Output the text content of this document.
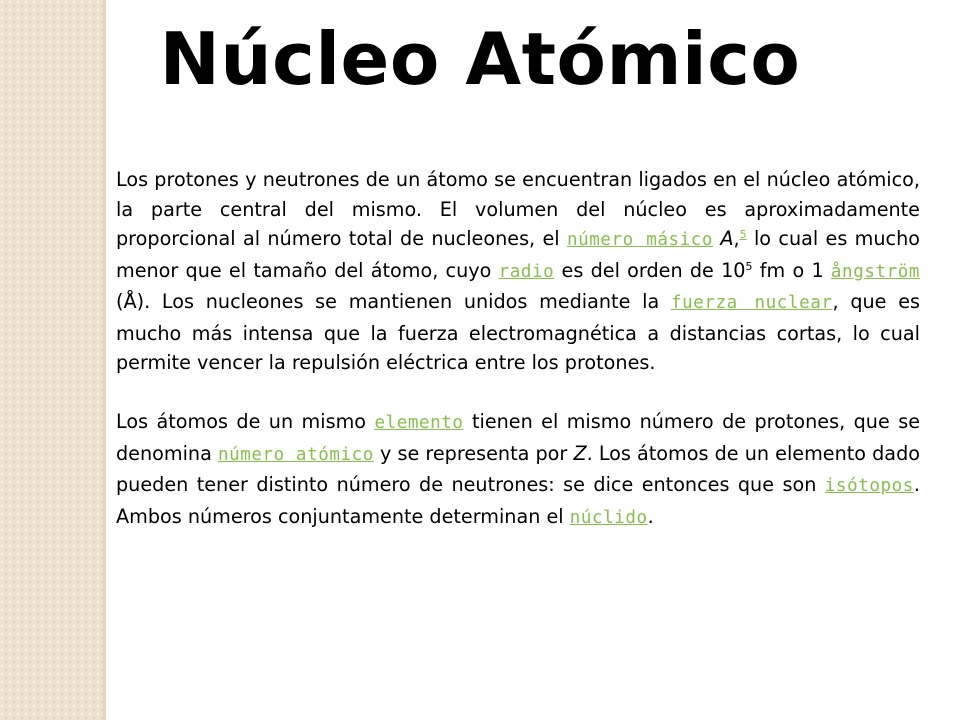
Núcleo Atómico

Los protones y neutrones de un átomo se encuentran ligados en el núcleo atómico, la parte central del mismo. El volumen del núcleo es aproximadamente proporcional al número total de nucleones, el número másico A,$^5$ lo cual es mucho menor que el tamaño del átomo, cuyo radio es del orden de $10^5$ fm o 1 ångström (Å). Los nucleones se mantienen unidos mediante la fuerza nuclear, que es mucho más intensa que la fuerza electromagnética a distancias cortas, lo cual permite vencer la repulsión eléctrica entre los protones.

Los átomos de un mismo elemento tienen el mismo número de protones, que se denomina número atómico y se representa por Z. Los átomos de un elemento dado pueden tener distinto número de neutrones: se dice entonces que son isótopos. Ambos números conjuntamente determinan el núclido.
